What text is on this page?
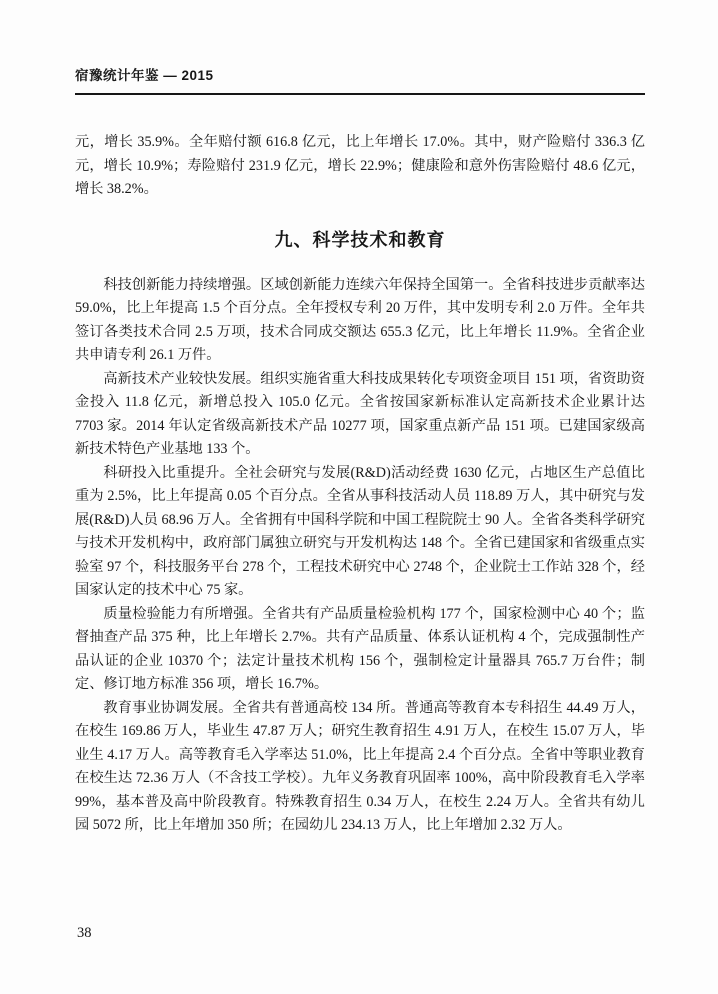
宿豫统计年鉴 — 2015

元，增长 35.9%。全年赔付额 616.8 亿元，比上年增长 17.0%。其中，财产险赔付 336.3 亿元，增长 10.9%；寿险赔付 231.9 亿元，增长 22.9%；健康险和意外伤害险赔付 48.6 亿元，增长 38.2%。

九、科学技术和教育

科技创新能力持续增强。区域创新能力连续六年保持全国第一。全省科技进步贡献率达 59.0%，比上年提高 1.5 个百分点。全年授权专利 20 万件，其中发明专利 2.0 万件。全年共签订各类技术合同 2.5 万项，技术合同成交额达 655.3 亿元，比上年增长 11.9%。全省企业共申请专利 26.1 万件。

高新技术产业较快发展。组织实施省重大科技成果转化专项资金项目 151 项，省资助资金投入 11.8 亿元，新增总投入 105.0 亿元。全省按国家新标准认定高新技术企业累计达 7703 家。2014 年认定省级高新技术产品 10277 项，国家重点新产品 151 项。已建国家级高新技术特色产业基地 133 个。

科研投入比重提升。全社会研究与发展(R&D)活动经费 1630 亿元，占地区生产总值比重为 2.5%，比上年提高 0.05 个百分点。全省从事科技活动人员 118.89 万人，其中研究与发展(R&D)人员 68.96 万人。全省拥有中国科学院和中国工程院院士 90 人。全省各类科学研究与技术开发机构中，政府部门属独立研究与开发机构达 148 个。全省已建国家和省级重点实验室 97 个，科技服务平台 278 个，工程技术研究中心 2748 个，企业院士工作站 328 个，经国家认定的技术中心 75 家。

质量检验能力有所增强。全省共有产品质量检验机构 177 个，国家检测中心 40 个；监督抽查产品 375 种，比上年增长 2.7%。共有产品质量、体系认证机构 4 个，完成强制性产品认证的企业 10370 个；法定计量技术机构 156 个，强制检定计量器具 765.7 万台件；制定、修订地方标准 356 项，增长 16.7%。

教育事业协调发展。全省共有普通高校 134 所。普通高等教育本专科招生 44.49 万人，在校生 169.86 万人，毕业生 47.87 万人；研究生教育招生 4.91 万人，在校生 15.07 万人，毕业生 4.17 万人。高等教育毛入学率达 51.0%，比上年提高 2.4 个百分点。全省中等职业教育在校生达 72.36 万人（不含技工学校）。九年义务教育巩固率 100%，高中阶段教育毛入学率 99%，基本普及高中阶段教育。特殊教育招生 0.34 万人，在校生 2.24 万人。全省共有幼儿园 5072 所，比上年增加 350 所；在园幼儿 234.13 万人，比上年增加 2.32 万人。

38
